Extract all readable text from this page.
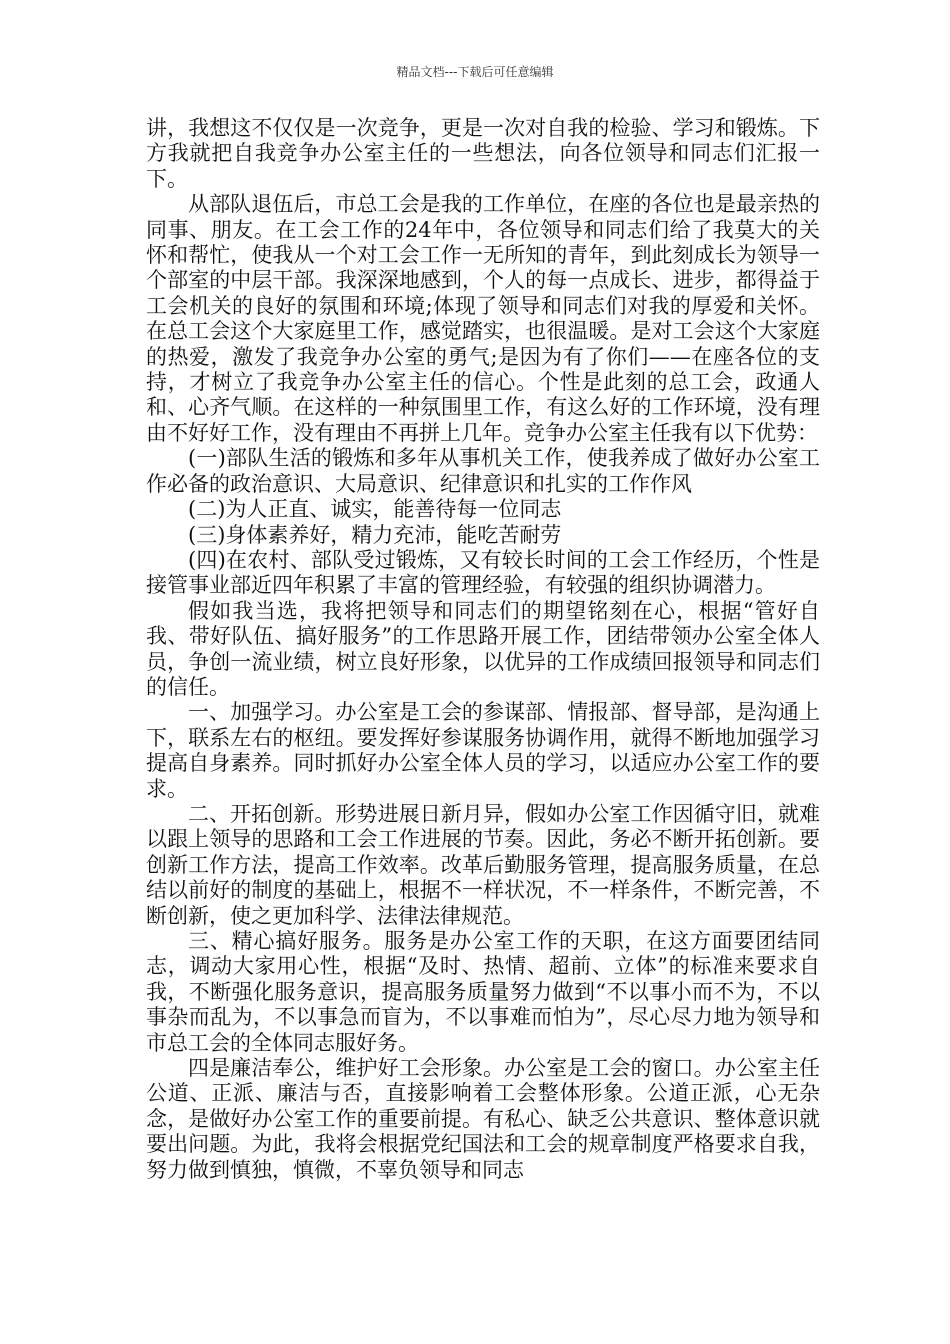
精品文档---下载后可任意编辑

讲，我想这不仅仅是一次竞争，更是一次对自我的检验、学习和锻炼。下方我就把自我竞争办公室主任的一些想法，向各位领导和同志们汇报一下。

从部队退伍后，市总工会是我的工作单位，在座的各位也是最亲热的同事、朋友。在工会工作的24年中，各位领导和同志们给了我莫大的关怀和帮忙，使我从一个对工会工作一无所知的青年，到此刻成长为领导一个部室的中层干部。我深深地感到，个人的每一点成长、进步，都得益于工会机关的良好的氛围和环境;体现了领导和同志们对我的厚爱和关怀。在总工会这个大家庭里工作，感觉踏实，也很温暖。是对工会这个大家庭的热爱，激发了我竞争办公室的勇气;是因为有了你们——在座各位的支持，才树立了我竞争办公室主任的信心。个性是此刻的总工会，政通人和、心齐气顺。在这样的一种氛围里工作，有这么好的工作环境，没有理由不好好工作，没有理由不再拼上几年。竞争办公室主任我有以下优势：

(一)部队生活的锻炼和多年从事机关工作，使我养成了做好办公室工作必备的政治意识、大局意识、纪律意识和扎实的工作作风

(二)为人正直、诚实，能善待每一位同志

(三)身体素养好，精力充沛，能吃苦耐劳

(四)在农村、部队受过锻炼，又有较长时间的工会工作经历，个性是接管事业部近四年积累了丰富的管理经验，有较强的组织协调潜力。

假如我当选，我将把领导和同志们的期望铭刻在心，根据“管好自我、带好队伍、搞好服务”的工作思路开展工作，团结带领办公室全体人员，争创一流业绩，树立良好形象，以优异的工作成绩回报领导和同志们的信任。

一、加强学习。办公室是工会的参谋部、情报部、督导部，是沟通上下，联系左右的枢纽。要发挥好参谋服务协调作用，就得不断地加强学习提高自身素养。同时抓好办公室全体人员的学习，以适应办公室工作的要求。

二、开拓创新。形势进展日新月异，假如办公室工作因循守旧，就难以跟上领导的思路和工会工作进展的节奏。因此，务必不断开拓创新。要创新工作方法，提高工作效率。改革后勤服务管理，提高服务质量，在总结以前好的制度的基础上，根据不一样状况，不一样条件，不断完善，不断创新，使之更加科学、法律法律规范。

三、精心搞好服务。服务是办公室工作的天职，在这方面要团结同志，调动大家用心性，根据“及时、热情、超前、立体”的标准来要求自我，不断强化服务意识，提高服务质量努力做到“不以事小而不为，不以事杂而乱为，不以事急而盲为，不以事难而怕为”，尽心尽力地为领导和市总工会的全体同志服好务。

四是廉洁奉公，维护好工会形象。办公室是工会的窗口。办公室主任公道、正派、廉洁与否，直接影响着工会整体形象。公道正派，心无杂念，是做好办公室工作的重要前提。有私心、缺乏公共意识、整体意识就要出问题。为此，我将会根据党纪国法和工会的规章制度严格要求自我，努力做到慎独，慎微，不辜负领导和同志
